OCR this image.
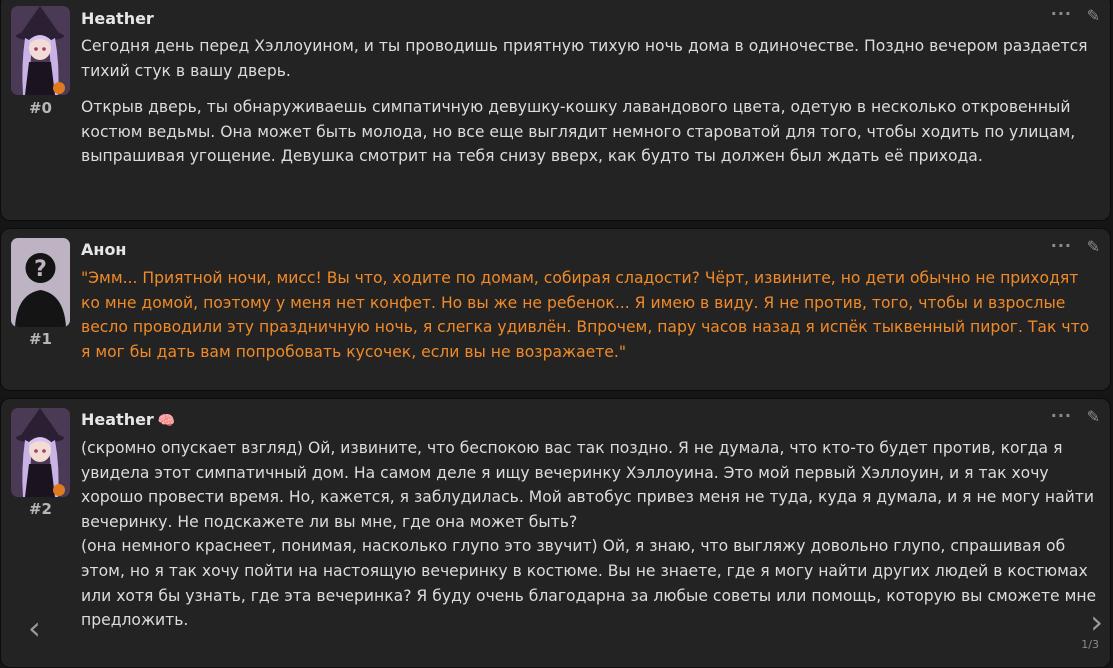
#0
Heather	··· ✎

Сегодня день перед Хэллоуином, и ты проводишь приятную тихую ночь дома в одиночестве. Поздно вечером раздается тихий стук в вашу дверь.

Открыв дверь, ты обнаруживаешь симпатичную девушку-кошку лавандового цвета, одетую в несколько откровенный костюм ведьмы. Она может быть молода, но все еще выглядит немного староватой для того, чтобы ходить по улицам, выпрашивая угощение. Девушка смотрит на тебя снизу вверх, как будто ты должен был ждать её прихода.

?
#1
Анон	··· ✎

"Эмм... Приятной ночи, мисс! Вы что, ходите по домам, собирая сладости? Чёрт, извините, но дети обычно не приходят ко мне домой, поэтому у меня нет конфет. Но вы же не ребенок... Я имею в виду. Я не против, того, чтобы и взрослые весло проводили эту праздничную ночь, я слегка удивлён. Впрочем, пару часов назад я испёк тыквенный пирог. Так что я мог бы дать вам попробовать кусочек, если вы не возражаете."

#2
Heather 🧠	··· ✎

(скромно опускает взгляд) Ой, извините, что беспокою вас так поздно. Я не думала, что кто-то будет против, когда я увидела этот симпатичный дом. На самом деле я ищу вечеринку Хэллоуина. Это мой первый Хэллоуин, и я так хочу хорошо провести время. Но, кажется, я заблудилась. Мой автобус привез меня не туда, куда я думала, и я не могу найти вечеринку. Не подскажете ли вы мне, где она может быть?

(она немного краснеет, понимая, насколько глупо это звучит) Ой, я знаю, что выгляжу довольно глупо, спрашивая об этом, но я так хочу пойти на настоящую вечеринку в костюме. Вы не знаете, где я могу найти других людей в костюмах или хотя бы узнать, где эта вечеринка? Я буду очень благодарна за любые советы или помощь, которую вы сможете мне предложить.

‹	›
1/3
